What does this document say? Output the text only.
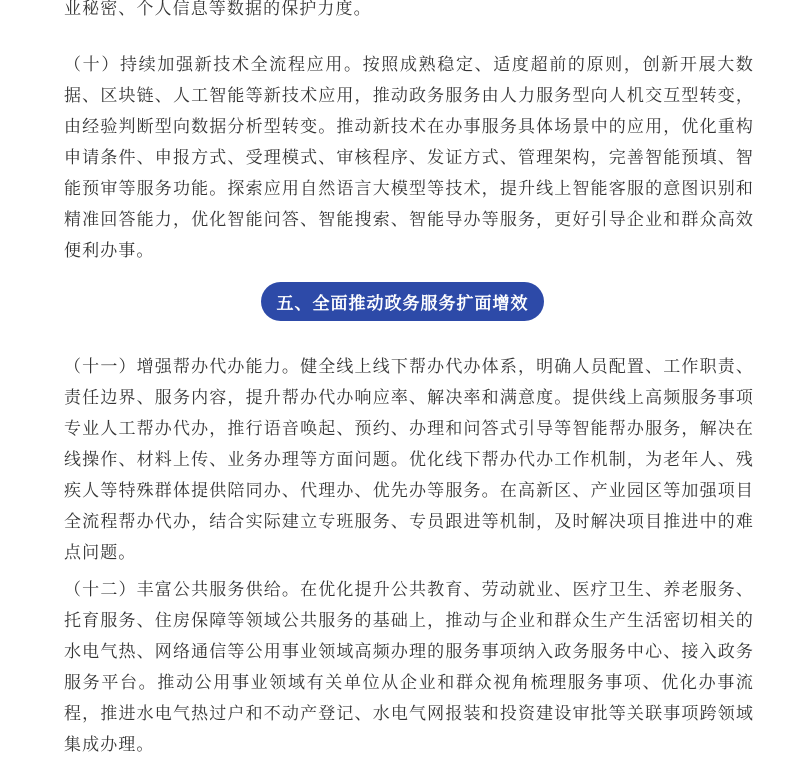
业秘密、个人信息等数据的保护力度。

（十）持续加强新技术全流程应用。按照成熟稳定、适度超前的原则，创新开展大数据、区块链、人工智能等新技术应用，推动政务服务由人力服务型向人机交互型转变，由经验判断型向数据分析型转变。推动新技术在办事服务具体场景中的应用，优化重构申请条件、申报方式、受理模式、审核程序、发证方式、管理架构，完善智能预填、智能预审等服务功能。探索应用自然语言大模型等技术，提升线上智能客服的意图识别和精准回答能力，优化智能问答、智能搜索、智能导办等服务，更好引导企业和群众高效便利办事。

五、全面推动政务服务扩面增效

（十一）增强帮办代办能力。健全线上线下帮办代办体系，明确人员配置、工作职责、责任边界、服务内容，提升帮办代办响应率、解决率和满意度。提供线上高频服务事项专业人工帮办代办，推行语音唤起、预约、办理和问答式引导等智能帮办服务，解决在线操作、材料上传、业务办理等方面问题。优化线下帮办代办工作机制，为老年人、残疾人等特殊群体提供陪同办、代理办、优先办等服务。在高新区、产业园区等加强项目全流程帮办代办，结合实际建立专班服务、专员跟进等机制，及时解决项目推进中的难点问题。

（十二）丰富公共服务供给。在优化提升公共教育、劳动就业、医疗卫生、养老服务、托育服务、住房保障等领域公共服务的基础上，推动与企业和群众生产生活密切相关的水电气热、网络通信等公用事业领域高频办理的服务事项纳入政务服务中心、接入政务服务平台。推动公用事业领域有关单位从企业和群众视角梳理服务事项、优化办事流程，推进水电气热过户和不动产登记、水电气网报装和投资建设审批等关联事项跨领域集成办理。
